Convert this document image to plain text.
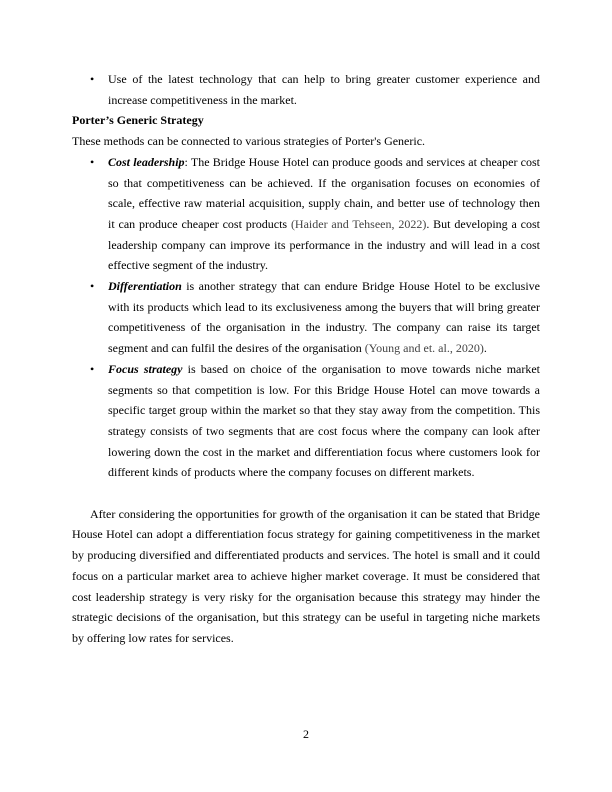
• Use of the latest technology that can help to bring greater customer experience and increase competitiveness in the market.
Porter’s Generic Strategy

These methods can be connected to various strategies of Porter's Generic.

• Cost leadership: The Bridge House Hotel can produce goods and services at cheaper cost so that competitiveness can be achieved. If the organisation focuses on economies of scale, effective raw material acquisition, supply chain, and better use of technology then it can produce cheaper cost products (Haider and Tehseen, 2022). But developing a cost leadership company can improve its performance in the industry and will lead in a cost effective segment of the industry.
• Differentiation is another strategy that can endure Bridge House Hotel to be exclusive with its products which lead to its exclusiveness among the buyers that will bring greater competitiveness of the organisation in the industry. The company can raise its target segment and can fulfil the desires of the organisation (Young and et. al., 2020).
• Focus strategy is based on choice of the organisation to move towards niche market segments so that competition is low. For this Bridge House Hotel can move towards a specific target group within the market so that they stay away from the competition. This strategy consists of two segments that are cost focus where the company can look after lowering down the cost in the market and differentiation focus where customers look for different kinds of products where the company focuses on different markets.

After considering the opportunities for growth of the organisation it can be stated that Bridge House Hotel can adopt a differentiation focus strategy for gaining competitiveness in the market by producing diversified and differentiated products and services. The hotel is small and it could focus on a particular market area to achieve higher market coverage. It must be considered that cost leadership strategy is very risky for the organisation because this strategy may hinder the strategic decisions of the organisation, but this strategy can be useful in targeting niche markets by offering low rates for services.

2
